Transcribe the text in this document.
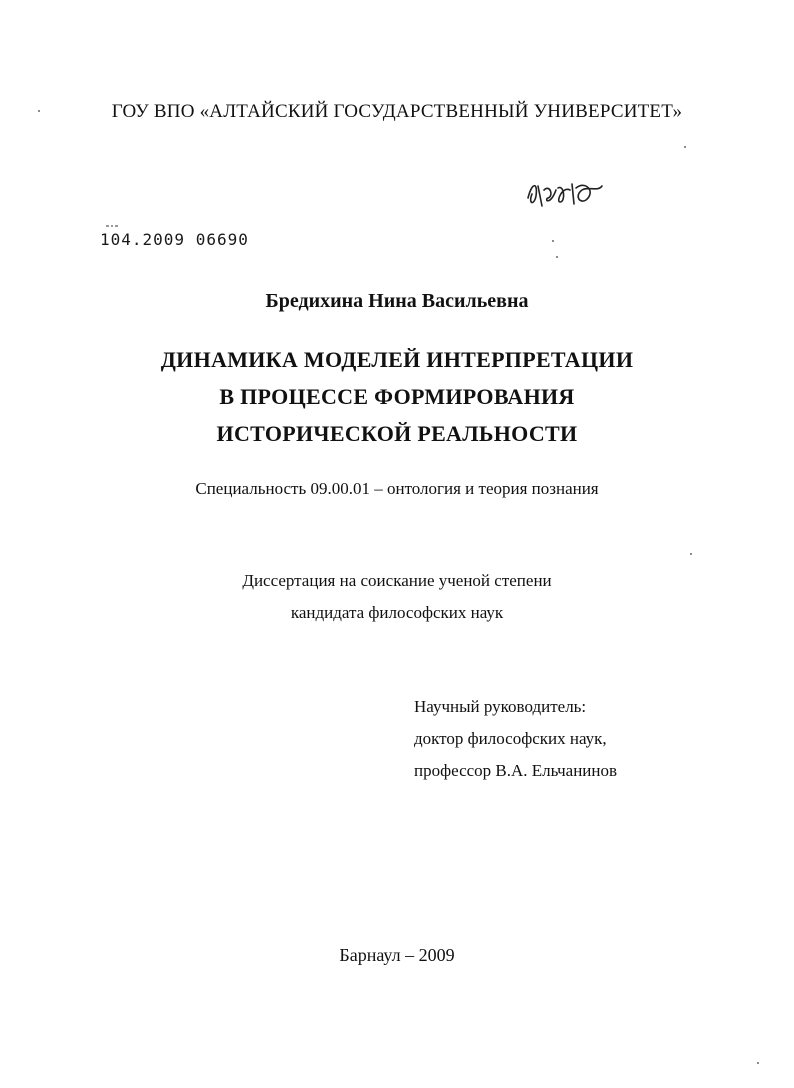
ГОУ ВПО «АЛТАЙСКИЙ ГОСУДАРСТВЕННЫЙ УНИВЕРСИТЕТ»
104.2009 06690
Бредихина Нина Васильевна
ДИНАМИКА МОДЕЛЕЙ ИНТЕРПРЕТАЦИИ
В ПРОЦЕССЕ ФОРМИРОВАНИЯ
ИСТОРИЧЕСКОЙ РЕАЛЬНОСТИ
Специальность 09.00.01 – онтология и теория познания
Диссертация на соискание ученой степени
кандидата философских наук
Научный руководитель:
доктор философских наук,
профессор В.А. Ельчанинов
Барнаул – 2009
